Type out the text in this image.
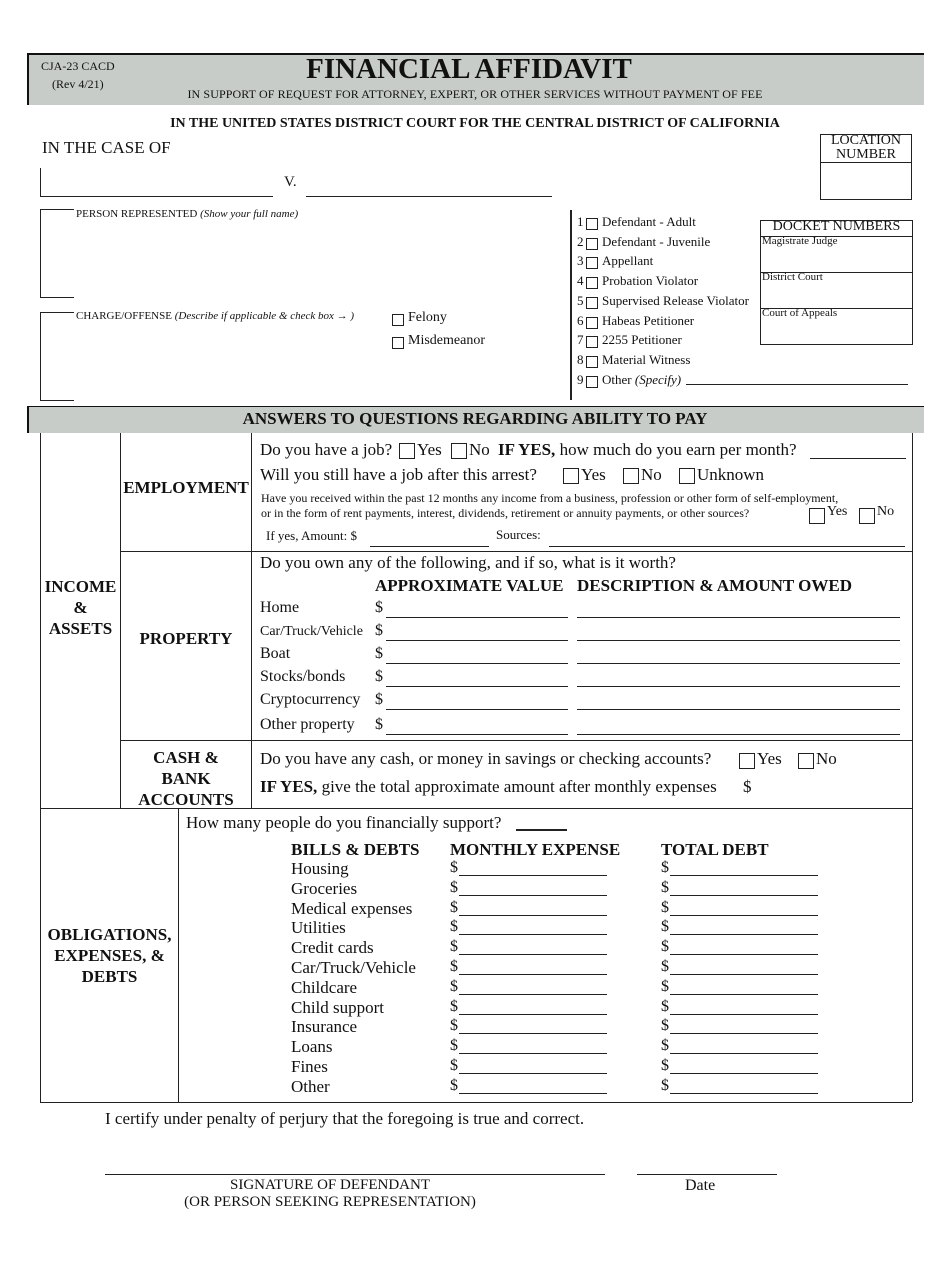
CJA-23 CACD
(Rev 4/21)	FINANCIAL AFFIDAVIT
IN SUPPORT OF REQUEST FOR ATTORNEY, EXPERT, OR OTHER SERVICES WITHOUT PAYMENT OF FEE
IN THE UNITED STATES DISTRICT COURT FOR THE CENTRAL DISTRICT OF CALIFORNIA
IN THE CASE OF
V.
LOCATION NUMBER
PERSON REPRESENTED (Show your full name)
CHARGE/OFFENSE (Describe if applicable & check box → )	Felony
Misdemeanor
1 Defendant - Adult
2 Defendant - Juvenile
3 Appellant
4 Probation Violator
5 Supervised Release Violator
6 Habeas Petitioner
7 2255 Petitioner
8 Material Witness
9 Other (Specify)
DOCKET NUMBERS
Magistrate Judge
District Court
Court of Appeals
ANSWERS TO QUESTIONS REGARDING ABILITY TO PAY
INCOME
&
ASSETS
EMPLOYMENT
Do you have a job? Yes No IF YES, how much do you earn per month?
Will you still have a job after this arrest?	Yes No Unknown
Have you received within the past 12 months any income from a business, profession or other form of self-employment,
or in the form of rent payments, interest, dividends, retirement or annuity payments, or other sources?	Yes No
If yes, Amount: $	Sources:
PROPERTY
Do you own any of the following, and if so, what is it worth?
APPROXIMATE VALUE DESCRIPTION & AMOUNT OWED
Home	$
Car/Truck/Vehicle $
Boat	$
Stocks/bonds $
Cryptocurrency $
Other property $
CASH &
BANK
ACCOUNTS
Do you have any cash, or money in savings or checking accounts?	Yes No
IF YES, give the total approximate amount after monthly expenses $
OBLIGATIONS,
EXPENSES, &
DEBTS
How many people do you financially support?
BILLS & DEBTS MONTHLY EXPENSE TOTAL DEBT
Housing	$	$
Groceries	$	$
Medical expenses $	$
Utilities	$	$
Credit cards	$	$
Car/Truck/Vehicle $	$
Childcare	$	$
Child support	$	$
Insurance	$	$
Loans	$	$
Fines	$	$
Other	$	$
I certify under penalty of perjury that the foregoing is true and correct.
SIGNATURE OF DEFENDANT
(OR PERSON SEEKING REPRESENTATION)
Date
